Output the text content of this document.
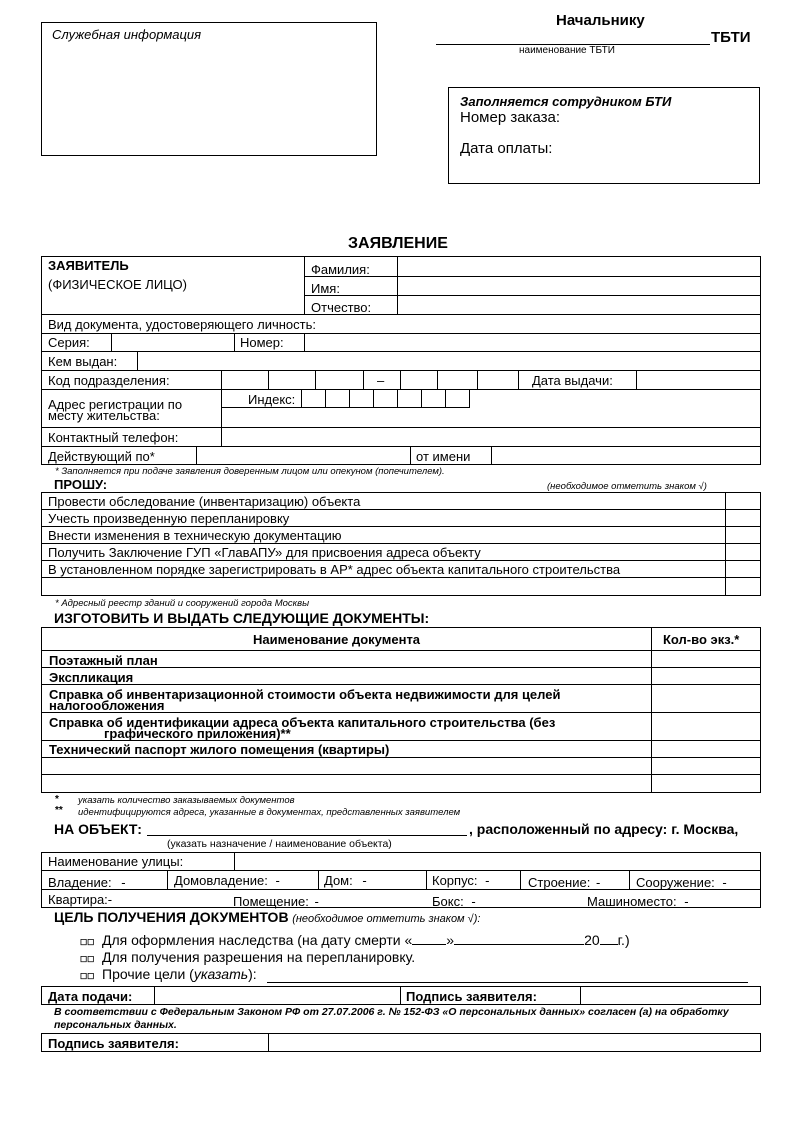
Служебная информация
Начальнику
ТБТИ
наименование ТБТИ
Заполняется сотрудником БТИ
Номер заказа:
Дата оплаты:
ЗАЯВЛЕНИЕ
ЗАЯВИТЕЛЬ
(ФИЗИЧЕСКОЕ ЛИЦО)
Фамилия:
Имя:
Отчество:
Вид документа, удостоверяющего личность:
Серия:	Номер:
Кем выдан:
Код подразделения:	–	Дата выдачи:
Адрес регистрации по
месту жительства:
Индекс:
Контактный телефон:
Действующий по*	от имени
* Заполняется при подаче заявления доверенным лицом или опекуном (попечителем).
ПРОШУ:	(необходимое отметить знаком √)
Провести обследование (инвентаризацию) объекта
Учесть произведенную перепланировку
Внести изменения в техническую документацию
Получить Заключение ГУП «ГлавАПУ» для присвоения адреса объекту
В установленном порядке зарегистрировать в АР* адрес объекта капитального строительства
* Адресный реестр зданий и сооружений города Москвы
ИЗГОТОВИТЬ И ВЫДАТЬ СЛЕДУЮЩИЕ ДОКУМЕНТЫ:
Наименование документа	Кол-во экз.*
Поэтажный план
Экспликация
Справка об инвентаризационной стоимости объекта недвижимости для целей
налогообложения
Справка об идентификации адреса объекта капитального строительства (без
графического приложения)**
Технический паспорт жилого помещения (квартиры)
* указать количество заказываемых документов
** идентифицируются адреса, указанные в документах, представленных заявителем
НА ОБЪЕКТ:	, расположенный по адресу: г. Москва,
(указать назначение / наименование объекта)
Наименование улицы:
Владение: -	Домовладение: -	Дом: -	Корпус: -	Строение: -	Сооружение: -
Квартира:-	Помещение: -	Бокс: -	Машиноместо: -
ЦЕЛЬ ПОЛУЧЕНИЯ ДОКУМЕНТОВ (необходимое отметить знаком √):
☐☐ Для оформления наследства (на дату смерти « »	20 г.)
☐☐ Для получения разрешения на перепланировку.
☐☐ Прочие цели (указать):
Дата подачи:	Подпись заявителя:
В соответствии с Федеральным Законом РФ от 27.07.2006 г. № 152-ФЗ «О персональных данных» согласен (а) на обработку персональных данных.
Подпись заявителя:
